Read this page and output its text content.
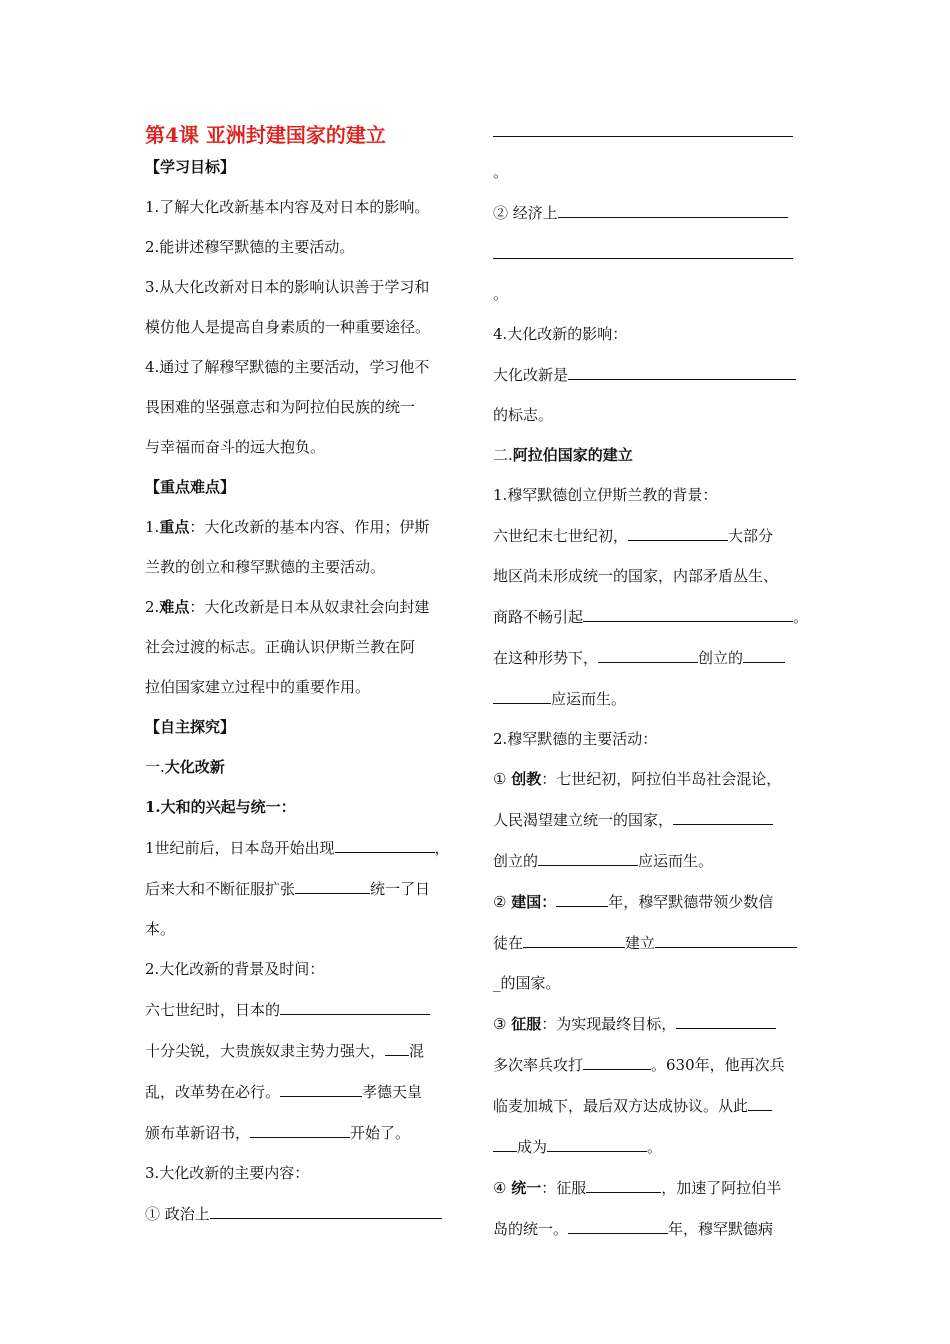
第4课 亚洲封建国家的建立
【学习目标】
1.了解大化改新基本内容及对日本的影响。
2.能讲述穆罕默德的主要活动。
3.从大化改新对日本的影响认识善于学习和
模仿他人是提高自身素质的一种重要途径。
4.通过了解穆罕默德的主要活动，学习他不
畏困难的坚强意志和为阿拉伯民族的统一
与幸福而奋斗的远大抱负。
【重点难点】
1.重点：大化改新的基本内容、作用；伊斯
兰教的创立和穆罕默德的主要活动。
2.难点：大化改新是日本从奴隶社会向封建
社会过渡的标志。正确认识伊斯兰教在阿
拉伯国家建立过程中的重要作用。
【自主探究】
一.大化改新
1.大和的兴起与统一：
1世纪前后，日本岛开始出现	，
后来大和不断征服扩张	统一了日
本。
2.大化改新的背景及时间：
六七世纪时，日本的
十分尖锐，大贵族奴隶主势力强大， 混
乱，改革势在必行。	孝德天皇
颁布革新诏书，	开始了。
3.大化改新的主要内容：
① 政治上
。
② 经济上
。
4.大化改新的影响：
大化改新是
的标志。
二.阿拉伯国家的建立
1.穆罕默德创立伊斯兰教的背景：
六世纪末七世纪初，	大部分
地区尚未形成统一的国家，内部矛盾丛生、
商路不畅引起	。
在这种形势下，	创立的
应运而生。
2.穆罕默德的主要活动：
① 创教：七世纪初，阿拉伯半岛社会混论，
人民渴望建立统一的国家，
创立的	应运而生。
② 建国：	年，穆罕默德带领少数信
徒在	建立
_的国家。
③ 征服：为实现最终目标，
多次率兵攻打	。630年，他再次兵
临麦加城下，最后双方达成协议。从此
成为	。
④ 统一：征服	，加速了阿拉伯半
岛的统一。	年，穆罕默德病
